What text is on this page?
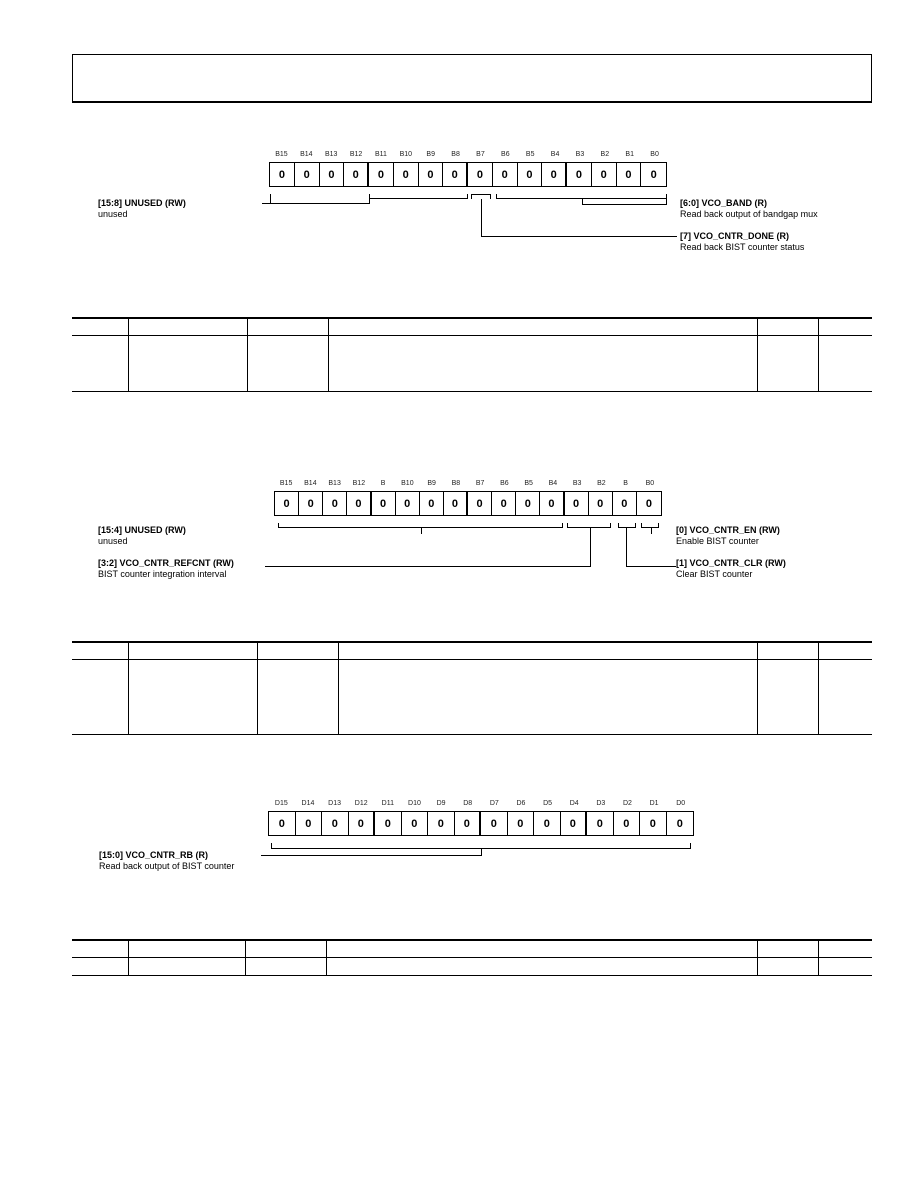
B15	B14	B13	B12	B11	B10	B9	B8	B7	B6	B5	B4	B3	B2	B1	B0
0	0	0	0	0	0	0	0	0	0	0	0	0	0	0	0
[15:8] UNUSED (RW)
unused
[6:0] VCO_BAND (R)
Read back output of bandgap mux
[7] VCO_CNTR_DONE (R)
Read back BIST counter status

B15	B14	B13	B12	B	B10	B9	B8	B7	B6	B5	B4	B3	B2	B	B0
0	0	0	0	0	0	0	0	0	0	0	0	0	0	0	0
[15:4] UNUSED (RW)
unused
[0] VCO_CNTR_EN (RW)
Enable BIST counter
[3:2] VCO_CNTR_REFCNT (RW)
BIST counter integration interval
[1] VCO_CNTR_CLR (RW)
Clear BIST counter

D15	D14	D13	D12	D11	D10	D9	D8	D7	D6	D5	D4	D3	D2	D1	D0
0	0	0	0	0	0	0	0	0	0	0	0	0	0	0	0
[15:0] VCO_CNTR_RB (R)
Read back output of BIST counter
